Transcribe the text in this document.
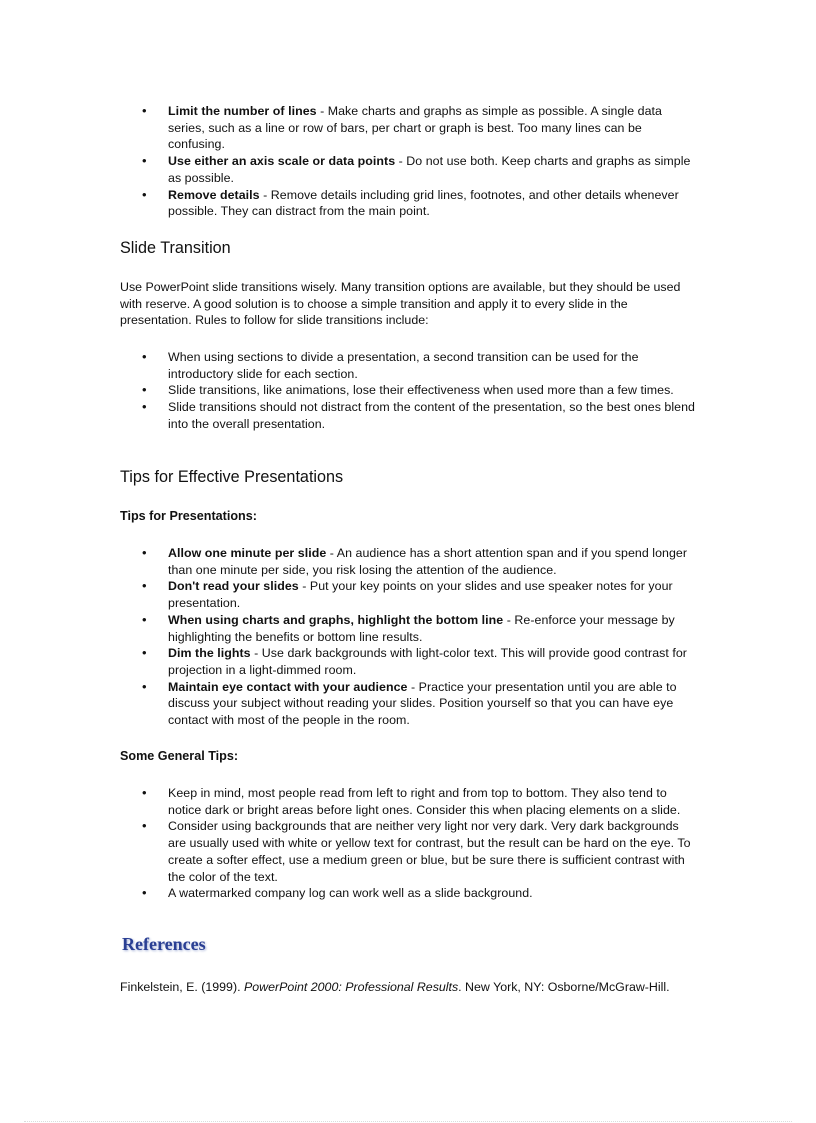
• Limit the number of lines - Make charts and graphs as simple as possible. A single data series, such as a line or row of bars, per chart or graph is best. Too many lines can be confusing.
• Use either an axis scale or data points - Do not use both. Keep charts and graphs as simple as possible.
• Remove details - Remove details including grid lines, footnotes, and other details whenever possible. They can distract from the main point.
Slide Transition

Use PowerPoint slide transitions wisely. Many transition options are available, but they should be used with reserve. A good solution is to choose a simple transition and apply it to every slide in the presentation. Rules to follow for slide transitions include:

• When using sections to divide a presentation, a second transition can be used for the introductory slide for each section.
• Slide transitions, like animations, lose their effectiveness when used more than a few times.
• Slide transitions should not distract from the content of the presentation, so the best ones blend into the overall presentation.
Tips for Effective Presentations

Tips for Presentations:

• Allow one minute per slide - An audience has a short attention span and if you spend longer than one minute per side, you risk losing the attention of the audience.
• Don't read your slides - Put your key points on your slides and use speaker notes for your presentation.
• When using charts and graphs, highlight the bottom line - Re-enforce your message by highlighting the benefits or bottom line results.
• Dim the lights - Use dark backgrounds with light-color text. This will provide good contrast for projection in a light-dimmed room.
• Maintain eye contact with your audience - Practice your presentation until you are able to discuss your subject without reading your slides. Position yourself so that you can have eye contact with most of the people in the room.

Some General Tips:

• Keep in mind, most people read from left to right and from top to bottom. They also tend to notice dark or bright areas before light ones. Consider this when placing elements on a slide.
• Consider using backgrounds that are neither very light nor very dark. Very dark backgrounds are usually used with white or yellow text for contrast, but the result can be hard on the eye. To create a softer effect, use a medium green or blue, but be sure there is sufficient contrast with the color of the text.
• A watermarked company log can work well as a slide background.
References

Finkelstein, E. (1999). PowerPoint 2000: Professional Results. New York, NY: Osborne/McGraw-Hill.
